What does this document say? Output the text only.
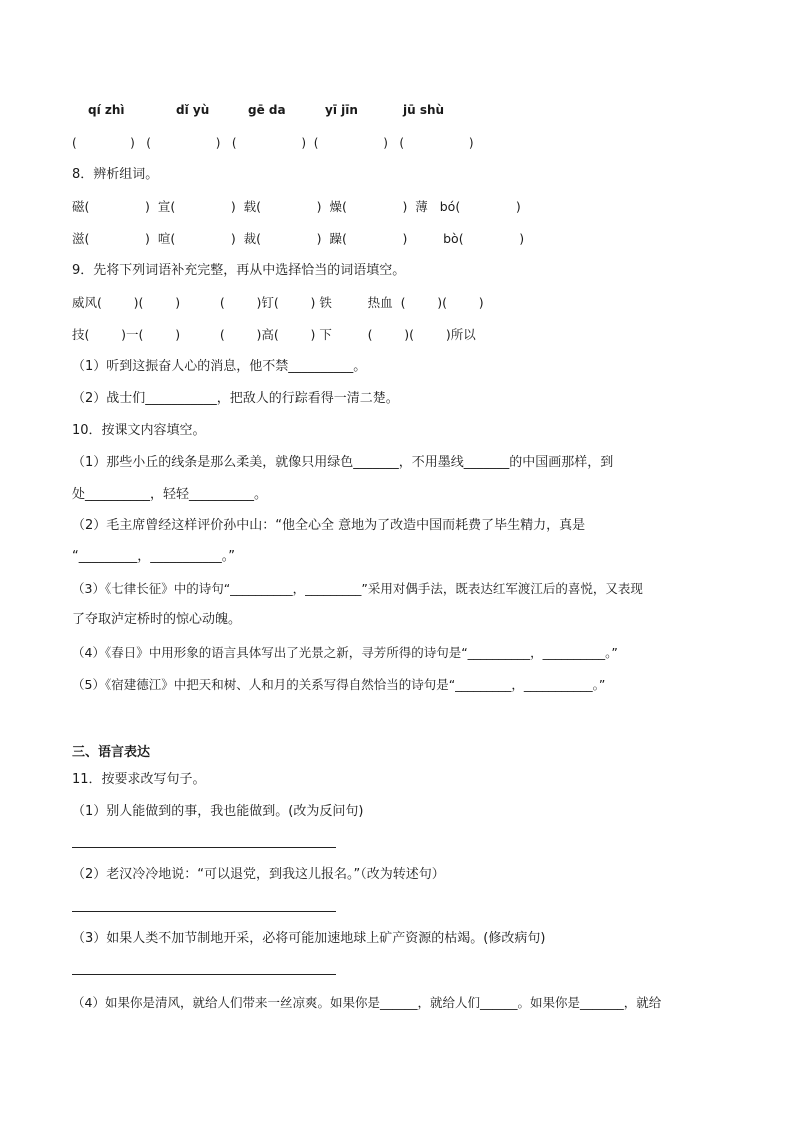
qí zhì	dǐ yù	gē da	yī jīn	jū shù
(              )   (                 )   (                 )  (                 )   (                 )
8．辨析组词。
磁(              )  宣(              )  载(              )  燥(              )  薄   bó(              )
滋(              )  喧(              )  裁(              )  躁(              )         bò(              )
9．先将下列词语补充完整，再从中选择恰当的词语填空。
威风(        )(        )          (        )钉(        ) 铁         热血  (        )(        )
技(        )一(        )          (        )高(        ) 下         (        )(        )所以
（1）听到这振奋人心的消息，他不禁__________。
（2）战士们___________，把敌人的行踪看得一清二楚。
10．按课文内容填空。
（1）那些小丘的线条是那么柔美，就像只用绿色_______，不用墨线_______的中国画那样，到
处__________，轻轻__________。
（2）毛主席曾经这样评价孙中山：“他全心全 意地为了改造中国而耗费了毕生精力，真是
“_________，___________。”
（3）《七律长征》中的诗句“__________，_________”采用对偶手法，既表达红军渡江后的喜悦，又表现
了夺取泸定桥时的惊心动魄。
（4）《春日》中用形象的语言具体写出了光景之新，寻芳所得的诗句是“__________，__________。”
（5）《宿建德江》中把天和树、人和月的关系写得自然恰当的诗句是“_________，___________。”
三、语言表达
11．按要求改写句子。
（1）别人能做到的事，我也能做到。(改为反问句)
（2）老汉冷冷地说：“可以退党，到我这儿报名。”（改为转述句）
（3）如果人类不加节制地开采，必将可能加速地球上矿产资源的枯竭。(修改病句)
（4）如果你是清风，就给人们带来一丝凉爽。如果你是______，就给人们______。如果你是_______，就给
